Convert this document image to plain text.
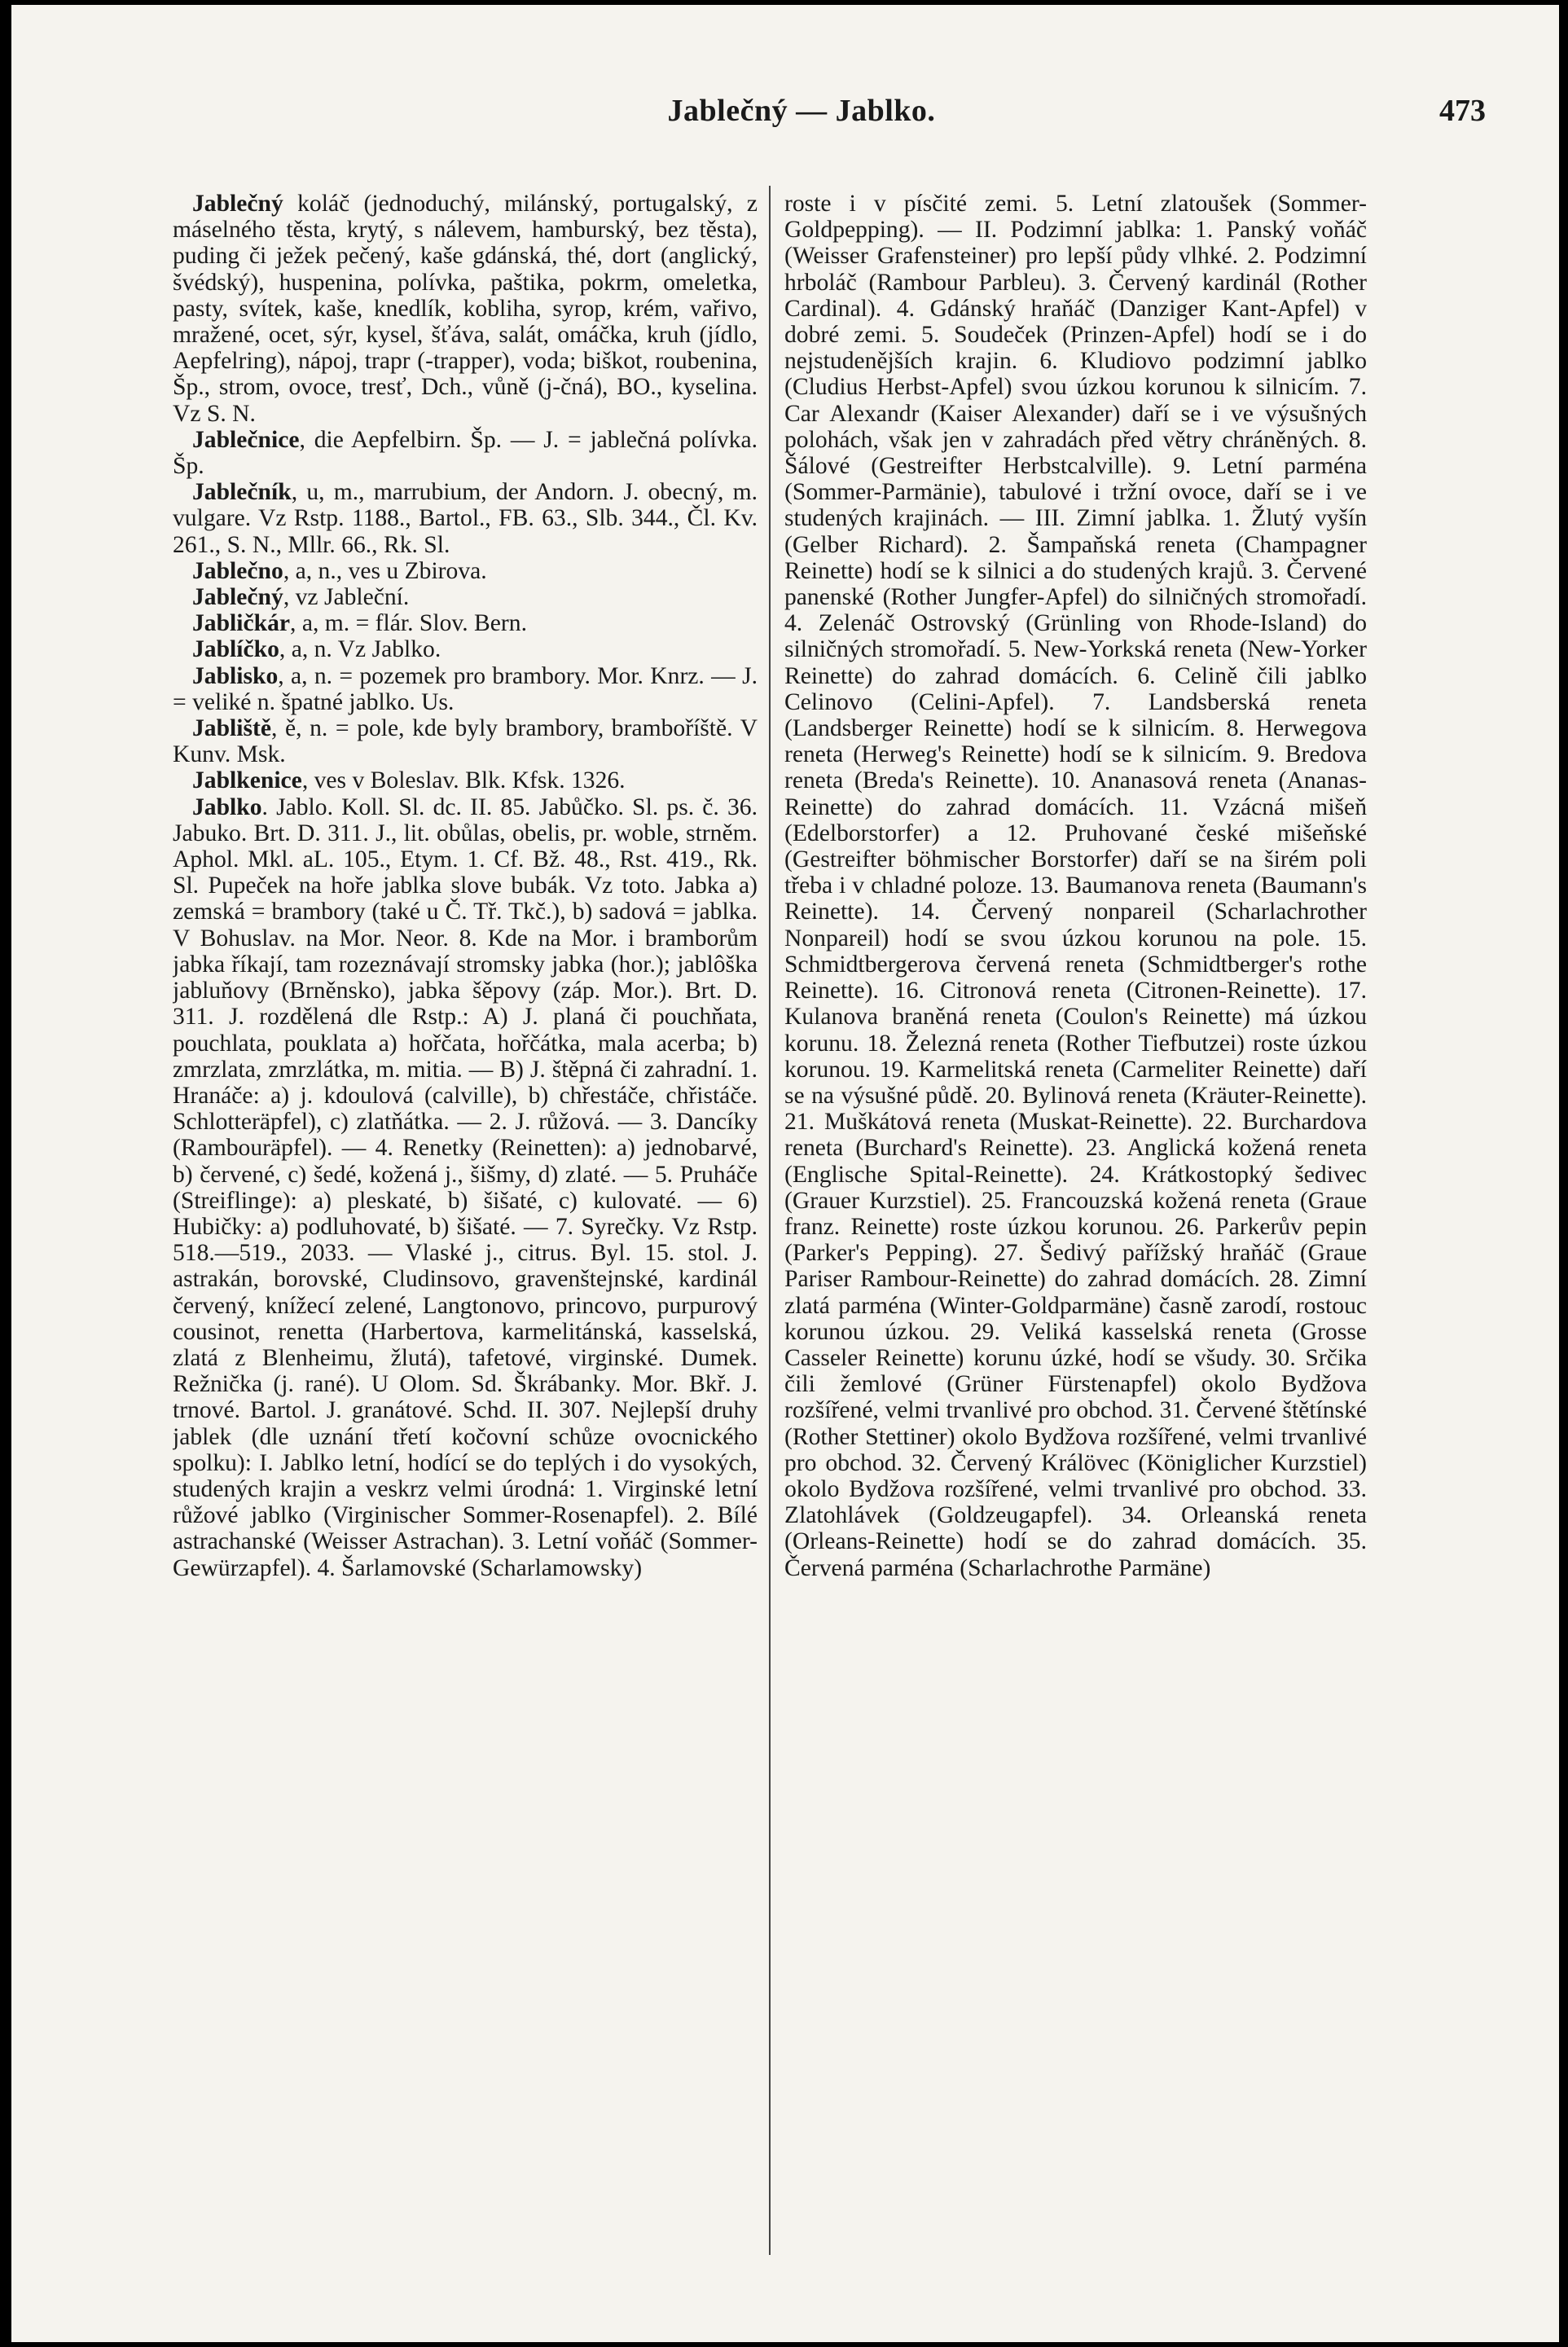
Jablečný — Jablko.	473

Jablečný koláč (jednoduchý, milánský, portugalský, z máselného těsta, krytý, s nálevem, hamburský, bez těsta), puding či ježek pečený, kaše gdánská, thé, dort (anglický, švédský), huspenina, polívka, paštika, pokrm, omeletka, pasty, svítek, kaše, knedlík, kobliha, syrop, krém, vařivo, mražené, ocet, sýr, kysel, šťáva, salát, omáčka, kruh (jídlo, Aepfelring), nápoj, trapr (-trapper), voda; biškot, roubenina, Šp., strom, ovoce, tresť, Dch., vůně (j-čná), BO., kyselina. Vz S. N.

Jablečnice, die Aepfelbirn. Šp. — J. = jablečná polívka. Šp.

Jablečník, u, m., marrubium, der Andorn. J. obecný, m. vulgare. Vz Rstp. 1188., Bartol., FB. 63., Slb. 344., Čl. Kv. 261., S. N., Mllr. 66., Rk. Sl.

Jablečno, a, n., ves u Zbirova.

Jablečný, vz Jableční.

Jabličkár, a, m. = flár. Slov. Bern.

Jablíčko, a, n. Vz Jablko.

Jablisko, a, n. = pozemek pro brambory. Mor. Knrz. — J. = veliké n. špatné jablko. Us.

Jabliště, ě, n. = pole, kde byly brambory, bramboříště. V Kunv. Msk.

Jablkenice, ves v Boleslav. Blk. Kfsk. 1326.

Jablko. Jablo. Koll. Sl. dc. II. 85. Jabůčko. Sl. ps. č. 36. Jabuko. Brt. D. 311. J., lit. obůlas, obelis, pr. woble, strněm. Aphol. Mkl. aL. 105., Etym. 1. Cf. Bž. 48., Rst. 419., Rk. Sl. Pupeček na hoře jablka slove bubák. Vz toto. Jabka a) zemská = brambory (také u Č. Tř. Tkč.), b) sadová = jablka. V Bohuslav. na Mor. Neor. 8. Kde na Mor. i bramborům jabka říkají, tam rozeznávají stromsky jabka (hor.); jablôška jabluňovy (Brněnsko), jabka šěpovy (záp. Mor.). Brt. D. 311. J. rozdělená dle Rstp.: A) J. planá či pouchňata, pouchlata, pouklata a) hořčata, hořčátka, mala acerba; b) zmrzlata, zmrzlátka, m. mitia. — B) J. štěpná či zahradní. 1. Hranáče: a) j. kdoulová (calville), b) chřestáče, chřistáče. Schlotteräpfel), c) zlatňátka. — 2. J. růžová. — 3. Dancíky (Rambouräpfel). — 4. Renetky (Reinetten): a) jednobarvé, b) červené, c) šedé, kožená j., šišmy, d) zlaté. — 5. Pruháče (Streiflinge): a) pleskaté, b) šišaté, c) kulovaté. — 6) Hubičky: a) podluhovaté, b) šišaté. — 7. Syrečky. Vz Rstp. 518.—519., 2033. — Vlaské j., citrus. Byl. 15. stol. J. astrakán, borovské, Cludinsovo, gravenštejnské, kardinál červený, knížecí zelené, Langtonovo, princovo, purpurový cousinot, renetta (Harbertova, karmelitánská, kasselská, zlatá z Blenheimu, žlutá), tafetové, virginské. Dumek. Režnička (j. rané). U Olom. Sd. Škrábanky. Mor. Bkř. J. trnové. Bartol. J. granátové. Schd. II. 307. Nejlepší druhy jablek (dle uznání třetí kočovní schůze ovocnického spolku): I. Jablko letní, hodící se do teplých i do vysokých, studených krajin a veskrz velmi úrodná: 1. Virginské letní růžové jablko (Virginischer Sommer-Rosenapfel). 2. Bílé astrachanské (Weisser Astrachan). 3. Letní voňáč (Sommer-Gewürzapfel). 4. Šarlamovské (Scharlamowsky)

roste i v písčité zemi. 5. Letní zlatoušek (Sommer-Goldpepping). — II. Podzimní jablka: 1. Panský voňáč (Weisser Grafensteiner) pro lepší půdy vlhké. 2. Podzimní hrboláč (Rambour Parbleu). 3. Červený kardinál (Rother Cardinal). 4. Gdánský hraňáč (Danziger Kant-Apfel) v dobré zemi. 5. Soudeček (Prinzen-Apfel) hodí se i do nejstudenějších krajin. 6. Kludiovo podzimní jablko (Cludius Herbst-Apfel) svou úzkou korunou k silnicím. 7. Car Alexandr (Kaiser Alexander) daří se i ve výsušných polohách, však jen v zahradách před větry chráněných. 8. Šálové (Gestreifter Herbstcalville). 9. Letní parména (Sommer-Parmänie), tabulové i tržní ovoce, daří se i ve studených krajinách. — III. Zimní jablka. 1. Žlutý vyšín (Gelber Richard). 2. Šampaňská reneta (Champagner Reinette) hodí se k silnici a do studených krajů. 3. Červené panenské (Rother Jungfer-Apfel) do silničných stromořadí. 4. Zelenáč Ostrovský (Grünling von Rhode-Island) do silničných stromořadí. 5. New-Yorkská reneta (New-Yorker Reinette) do zahrad domácích. 6. Celině čili jablko Celinovo (Celini-Apfel). 7. Landsberská reneta (Landsberger Reinette) hodí se k silnicím. 8. Herwegova reneta (Herweg's Reinette) hodí se k silnicím. 9. Bredova reneta (Breda's Reinette). 10. Ananasová reneta (Ananas-Reinette) do zahrad domácích. 11. Vzácná mišeň (Edelborstorfer) a 12. Pruhované české mišeňské (Gestreifter böhmischer Borstorfer) daří se na širém poli třeba i v chladné poloze. 13. Baumanova reneta (Baumann's Reinette). 14. Červený nonpareil (Scharlachrother Nonpareil) hodí se svou úzkou korunou na pole. 15. Schmidtbergerova červená reneta (Schmidtberger's rothe Reinette). 16. Citronová reneta (Citronen-Reinette). 17. Kulanova braněná reneta (Coulon's Reinette) má úzkou korunu. 18. Železná reneta (Rother Tiefbutzei) roste úzkou korunou. 19. Karmelitská reneta (Carmeliter Reinette) daří se na výsušné půdě. 20. Bylinová reneta (Kräuter-Reinette). 21. Muškátová reneta (Muskat-Reinette). 22. Burchardova reneta (Burchard's Reinette). 23. Anglická kožená reneta (Englische Spital-Reinette). 24. Krátkostopký šedivec (Grauer Kurzstiel). 25. Francouzská kožená reneta (Graue franz. Reinette) roste úzkou korunou. 26. Parkerův pepin (Parker's Pepping). 27. Šedivý pařížský hraňáč (Graue Pariser Rambour-Reinette) do zahrad domácích. 28. Zimní zlatá parména (Winter-Goldparmäne) časně zarodí, rostouc korunou úzkou. 29. Veliká kasselská reneta (Grosse Casseler Reinette) korunu úzké, hodí se všudy. 30. Srčika čili žemlové (Grüner Fürstenapfel) okolo Bydžova rozšířené, velmi trvanlivé pro obchod. 31. Červené štětínské (Rother Stettiner) okolo Bydžova rozšířené, velmi trvanlivé pro obchod. 32. Červený Králövec (Königlicher Kurzstiel) okolo Bydžova rozšířené, velmi trvanlivé pro obchod. 33. Zlatohlávek (Goldzeugapfel). 34. Orleanská reneta (Orleans-Reinette) hodí se do zahrad domácích. 35. Červená parména (Scharlachrothe Parmäne)
